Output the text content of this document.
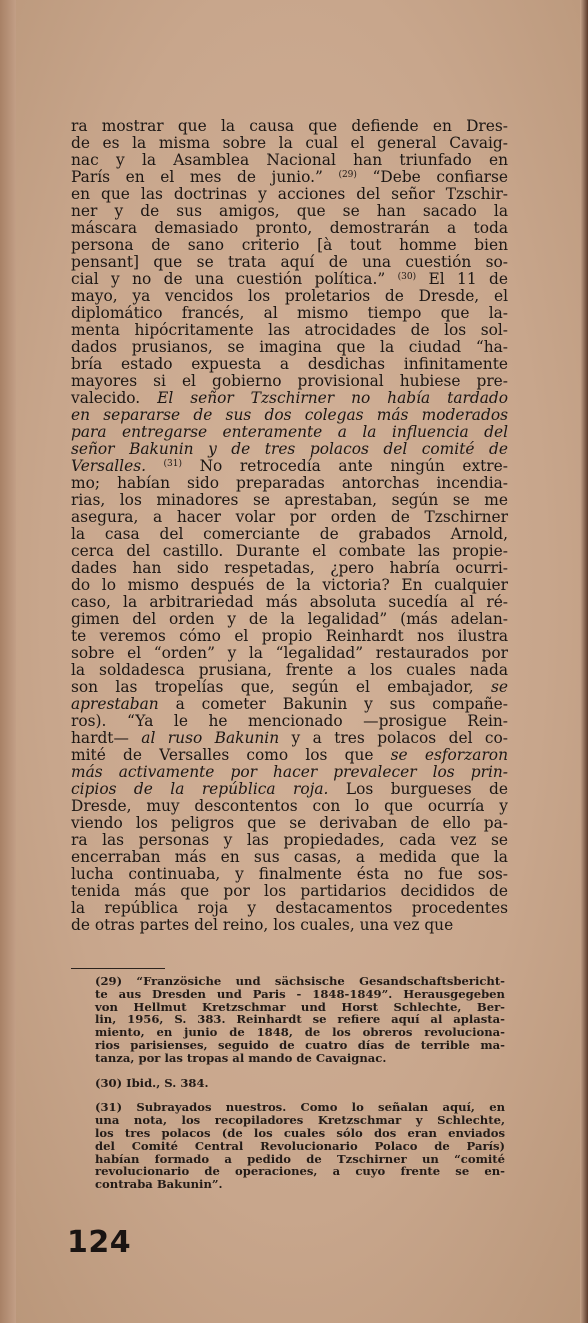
ra mostrar que la causa que defiende en Dres-
de es la misma sobre la cual el general Cavaig-
nac y la Asamblea Nacional han triunfado en
París en el mes de junio.” $^{(29)}$ “Debe confiarse
en que las doctrinas y acciones del señor Tzschir-
ner y de sus amigos, que se han sacado la
máscara demasiado pronto, demostrarán a toda
persona de sano criterio [à tout homme bien
pensant] que se trata aquí de una cuestión so-
cial y no de una cuestión política.” $^{(30)}$ El 11 de
mayo, ya vencidos los proletarios de Dresde, el
diplomático francés, al mismo tiempo que la-
menta hipócritamente las atrocidades de los sol-
dados prusianos, se imagina que la ciudad “ha-
bría estado expuesta a desdichas infinitamente
mayores si el gobierno provisional hubiese pre-
valecido. El señor Tzschirner no había tardado
en separarse de sus dos colegas más moderados
para entregarse enteramente a la influencia del
señor Bakunin y de tres polacos del comité de
Versalles. $^{(31)}$ No retrocedía ante ningún extre-
mo; habían sido preparadas antorchas incendia-
rias, los minadores se aprestaban, según se me
asegura, a hacer volar por orden de Tzschirner
la casa del comerciante de grabados Arnold,
cerca del castillo. Durante el combate las propie-
dades han sido respetadas, ¿pero habría ocurri-
do lo mismo después de la victoria? En cualquier
caso, la arbitrariedad más absoluta sucedía al ré-
gimen del orden y de la legalidad” (más adelan-
te veremos cómo el propio Reinhardt nos ilustra
sobre el “orden” y la “legalidad” restaurados por
la soldadesca prusiana, frente a los cuales nada
son las tropelías que, según el embajador, se
aprestaban a cometer Bakunin y sus compañe-
ros). “Ya le he mencionado —prosigue Rein-
hardt— al ruso Bakunin y a tres polacos del co-
mité de Versalles como los que se esforzaron
más activamente por hacer prevalecer los prin-
cipios de la república roja. Los burgueses de
Dresde, muy descontentos con lo que ocurría y
viendo los peligros que se derivaban de ello pa-
ra las personas y las propiedades, cada vez se
encerraban más en sus casas, a medida que la
lucha continuaba, y finalmente ésta no fue sos-
tenida más que por los partidarios decididos de
la república roja y destacamentos procedentes
de otras partes del reino, los cuales, una vez que
(29) “Französiche und sächsische Gesandschaftsbericht-
te aus Dresden und Paris - 1848-1849”. Herausgegeben
von Hellmut Kretzschmar und Horst Schlechte, Ber-
lin, 1956, S. 383. Reinhardt se refiere aquí al aplasta-
miento, en junio de 1848, de los obreros revoluciona-
rios parisienses, seguido de cuatro días de terrible ma-
tanza, por las tropas al mando de Cavaignac.
(30) Ibid., S. 384.
(31) Subrayados nuestros. Como lo señalan aquí, en
una nota, los recopiladores Kretzschmar y Schlechte,
los tres polacos (de los cuales sólo dos eran enviados
del Comité Central Revolucionario Polaco de París)
habían formado a pedido de Tzschirner un “comité
revolucionario de operaciones, a cuyo frente se en-
contraba Bakunin”.
124
